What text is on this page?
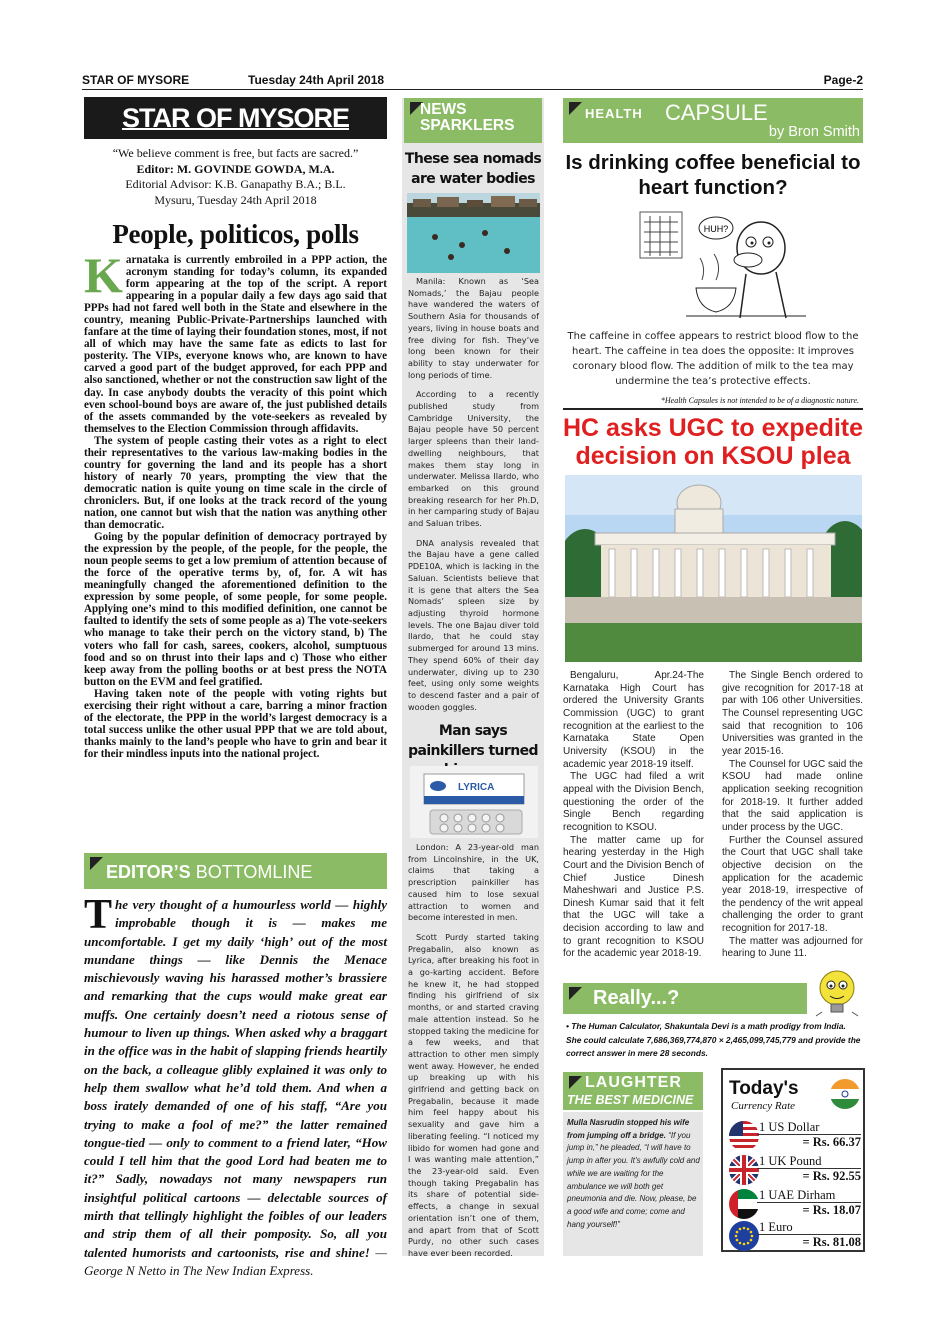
STAR OF MYSORE	Tuesday 24th April 2018	Page-2
STAR OF MYSORE
“We believe comment is free, but facts are sacred.”
Editor: M. GOVINDE GOWDA, M.A.
Editorial Advisor: K.B. Ganapathy B.A.; B.L.
Mysuru, Tuesday 24th April 2018
People, politicos, polls

Karnataka is currently embroiled in a PPP action, the acronym standing for today’s column, its expanded form appearing at the top of the script. A report appearing in a popular daily a few days ago said that PPPs had not fared well both in the State and elsewhere in the country, meaning Public-Private-Partnerships launched with fanfare at the time of laying their foundation stones, most, if not all of which may have the same fate as edicts to last for posterity. The VIPs, everyone knows who, are known to have carved a good part of the budget approved, for each PPP and also sanctioned, whether or not the construction saw light of the day. In case anybody doubts the veracity of this point which even school-bound boys are aware of, the just published details of the assets commanded by the vote-seekers as revealed by themselves to the Election Commission through affidavits.

The system of people casting their votes as a right to elect their representatives to the various law-making bodies in the country for governing the land and its people has a short history of nearly 70 years, prompting the view that the democratic nation is quite young on time scale in the circle of chroniclers. But, if one looks at the track record of the young nation, one cannot but wish that the nation was anything other than democratic.

Going by the popular definition of democracy portrayed by the expression by the people, of the people, for the people, the noun people seems to get a low premium of attention because of the force of the operative terms by, of, for. A wit has meaningfully changed the aforementioned definition to the expression by some people, of some people, for some people. Applying one’s mind to this modified definition, one cannot be faulted to identify the sets of some people as a) The vote-seekers who manage to take their perch on the victory stand, b) The voters who fall for cash, sarees, cookers, alcohol, sumptuous food and so on thrust into their laps and c) Those who either keep away from the polling booths or at best press the NOTA button on the EVM and feel gratified.

Having taken note of the people with voting rights but exercising their right without a care, barring a minor fraction of the electorate, the PPP in the world’s largest democracy is a total success unlike the other usual PPP that we are told about, thanks mainly to the land’s people who have to grin and bear it for their mindless inputs into the national project.

EDITOR’S BOTTOMLINE
The very thought of a humourless world — highly improbable though it is — makes me uncomfortable. I get my daily ‘high’ out of the most mundane things — like Dennis the Menace mischievously waving his harassed mother’s brassiere and remarking that the cups would make great ear muffs. One certainly doesn’t need a riotous sense of humour to liven up things. When asked why a braggart in the office was in the habit of slapping friends heartily on the back, a colleague glibly explained it was only to help them swallow what he’d told them. And when a boss irately demanded of one of his staff, “Are you trying to make a fool of me?” the latter remained tongue-tied — only to comment to a friend later, “How could I tell him that the good Lord had beaten me to it?” Sadly, nowadays not many newspapers run insightful political cartoons — delectable sources of mirth that tellingly highlight the foibles of our leaders and strip them of all their pomposity. So, all you talented humorists and cartoonists, rise and shine! — George N Netto in The New Indian Express.
NEWS
SPARKLERS
These sea nomads are water bodies

Manila: Known as ‘Sea Nomads,’ the Bajau people have wandered the waters of Southern Asia for thousands of years, living in house boats and free diving for fish. They’ve long been known for their ability to stay underwater for long periods of time.

According to a recently published study from Cambridge University, the Bajau people have 50 percent larger spleens than their land-dwelling neighbours, that makes them stay long in underwater. Melissa Ilardo, who embarked on this ground breaking research for her Ph.D, in her camparing study of Bajau and Saluan tribes.

DNA analysis revealed that the Bajau have a gene called PDE10A, which is lacking in the Saluan. Scientists believe that it is gene that alters the Sea Nomads’ spleen size by adjusting thyroid hormone levels. The one Bajau diver told Ilardo, that he could stay submerged for around 13 mins. They spend 60% of their day underwater, diving up to 230 feet, using only some weights to descend faster and a pair of wooden goggles.

Man says painkillers turned
LYRICA

London: A 23-year-old man from Lincolnshire, in the UK, claims that taking a prescription painkiller has caused him to lose sexual attraction to women and become interested in men.

Scott Purdy started taking Pregabalin, also known as Lyrica, after breaking his foot in a go-karting accident. Before he knew it, he had stopped finding his girlfriend of six months, or and started craving male attention instead. So he stopped taking the medicine for a few weeks, and that attraction to other men simply went away. However, he ended up breaking up with his girlfriend and getting back on Pregabalin, because it made him feel happy about his sexuality and gave him a liberating feeling. “I noticed my libido for women had gone and I was wanting male attention,” the 23-year-old said. Even though taking Pregabalin has its share of potential side-effects, a change in sexual orientation isn’t one of them, and apart from that of Scott Purdy, no other such cases have ever been recorded.

HEALTH CAPSULE
by Bron Smith
Is drinking coffee beneficial to heart function?
HUH?
The caffeine in coffee appears to restrict blood flow to the heart. The caffeine in tea does the opposite: It improves coronary blood flow. The addition of milk to the tea may undermine the tea’s protective effects.
*Health Capsules is not intended to be of a diagnostic nature.
HC asks UGC to expedite decision on KSOU plea

Bengaluru, Apr.24-The Karnataka High Court has ordered the University Grants Commission (UGC) to grant recognition at the earliest to the Karnataka State Open University (KSOU) in the academic year 2018-19 itself.

The UGC had filed a writ appeal with the Division Bench, questioning the order of the Single Bench regarding recognition to KSOU.

The matter came up for hearing yesterday in the High Court and the Division Bench of Chief Justice Dinesh Maheshwari and Justice P.S. Dinesh Kumar said that it felt that the UGC will take a decision according to law and to grant recognition to KSOU for the academic year 2018-19.

The Single Bench ordered to give recognition for 2017-18 at par with 106 other Universities. The Counsel representing UGC said that recognition to 106 Universities was granted in the year 2015-16.

The Counsel for UGC said the KSOU had made online application seeking recognition for 2018-19. It further added that the said application is under process by the UGC.

Further the Counsel assured the Court that UGC shall take objective decision on the application for the academic year 2018-19, irrespective of the pendency of the writ appeal challenging the order to grant recognition for 2017-18.

The matter was adjourned for hearing to June 11.

Really...?
• The Human Calculator, Shakuntala Devi is a math prodigy from India. She could calculate 7,686,369,774,870 × 2,465,099,745,779 and provide the correct answer in mere 28 seconds.
LAUGHTER
THE BEST MEDICINE
Mulla Nasrudin stopped his wife from jumping off a bridge. “If you jump in,” he pleaded, “I will have to jump in after you. It’s awfully cold and while we are waiting for the ambulance we will both get pneumonia and die. Now, please, be a good wife and come; come and hang yourself!”
Today's
Currency Rate
1 US Dollar
= Rs. 66.37
1 UK Pound
= Rs. 92.55
1 UAE Dirham
= Rs. 18.07
1 Euro
= Rs. 81.08
